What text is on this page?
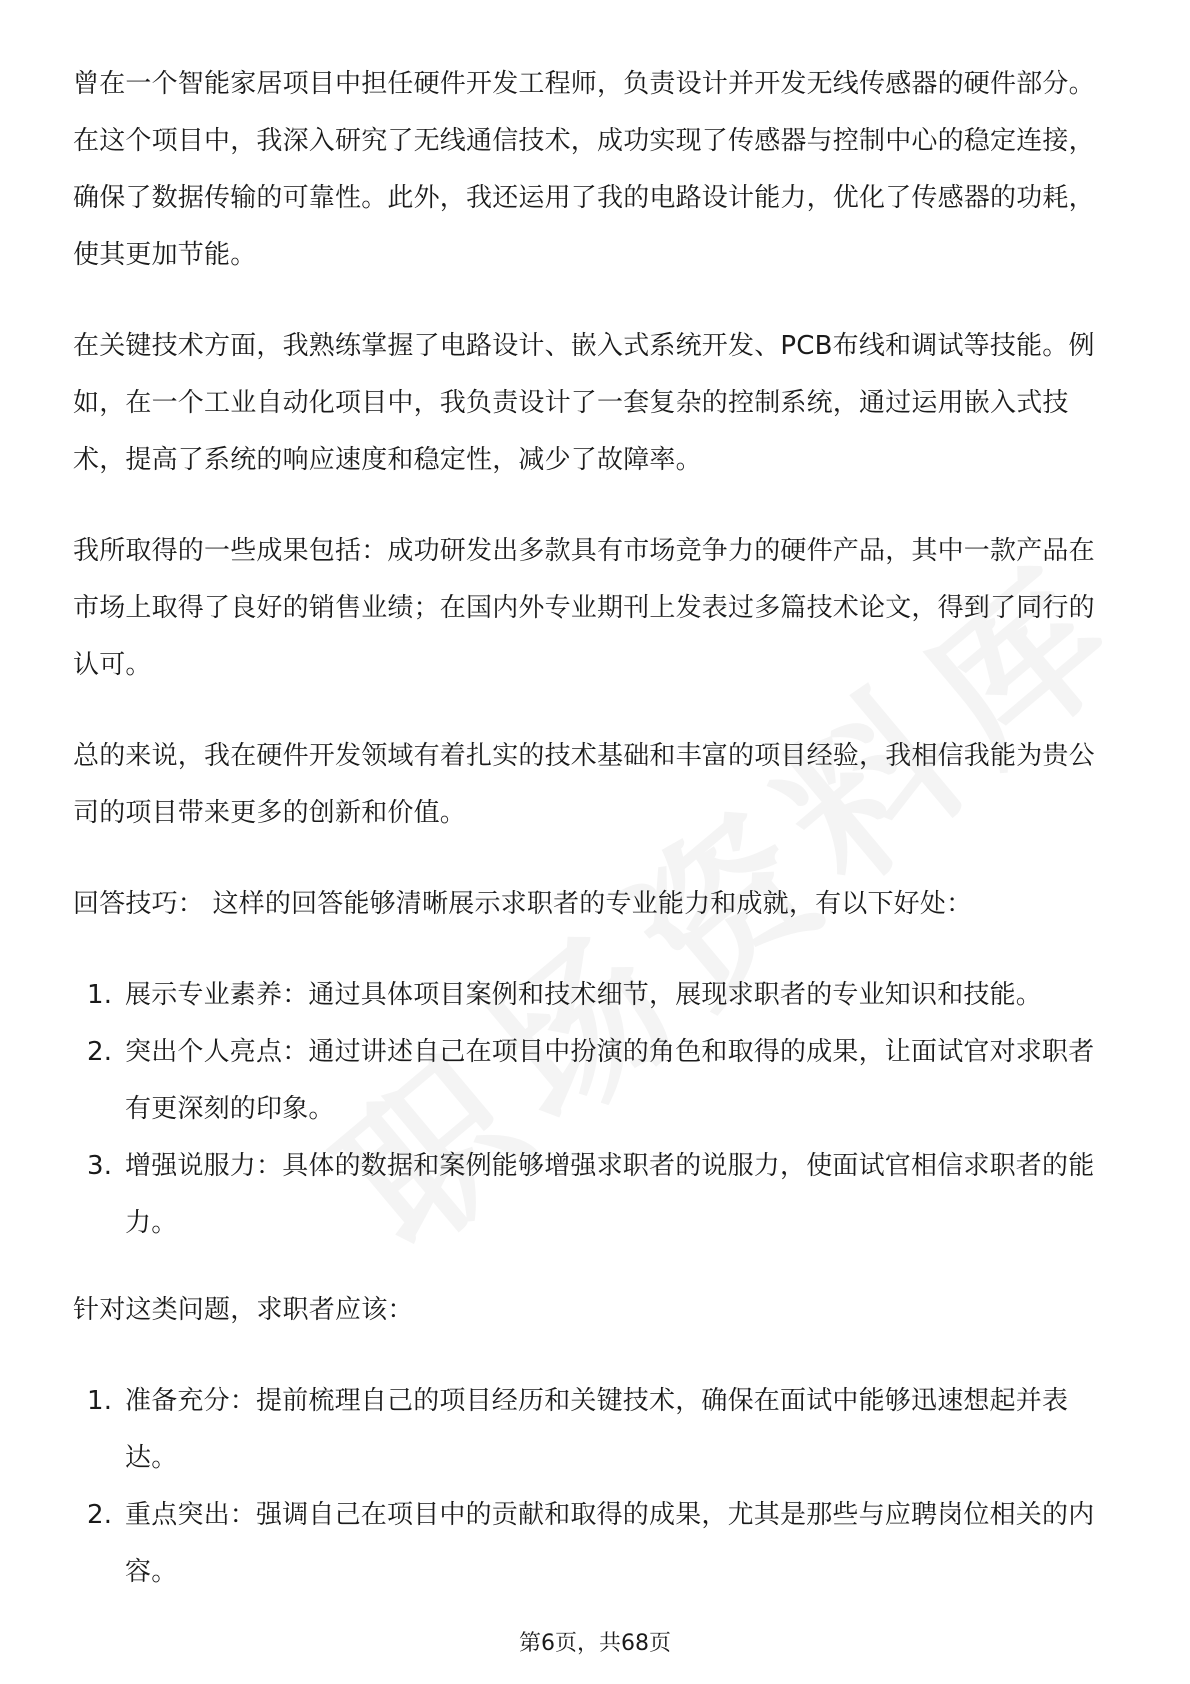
曾在一个智能家居项目中担任硬件开发工程师，负责设计并开发无线传感器的硬件部分。在这个项目中，我深入研究了无线通信技术，成功实现了传感器与控制中心的稳定连接，确保了数据传输的可靠性。此外，我还运用了我的电路设计能力，优化了传感器的功耗，使其更加节能。

在关键技术方面，我熟练掌握了电路设计、嵌入式系统开发、PCB布线和调试等技能。例如，在一个工业自动化项目中，我负责设计了一套复杂的控制系统，通过运用嵌入式技术，提高了系统的响应速度和稳定性，减少了故障率。

我所取得的一些成果包括：成功研发出多款具有市场竞争力的硬件产品，其中一款产品在市场上取得了良好的销售业绩；在国内外专业期刊上发表过多篇技术论文，得到了同行的认可。

总的来说，我在硬件开发领域有着扎实的技术基础和丰富的项目经验，我相信我能为贵公司的项目带来更多的创新和价值。

回答技巧： 这样的回答能够清晰展示求职者的专业能力和成就，有以下好处：

1. 展示专业素养：通过具体项目案例和技术细节，展现求职者的专业知识和技能。
2. 突出个人亮点：通过讲述自己在项目中扮演的角色和取得的成果，让面试官对求职者有更深刻的印象。
3. 增强说服力：具体的数据和案例能够增强求职者的说服力，使面试官相信求职者的能力。

针对这类问题，求职者应该：

1. 准备充分：提前梳理自己的项目经历和关键技术，确保在面试中能够迅速想起并表达。
2. 重点突出：强调自己在项目中的贡献和取得的成果，尤其是那些与应聘岗位相关的内容。
第6页，共68页
